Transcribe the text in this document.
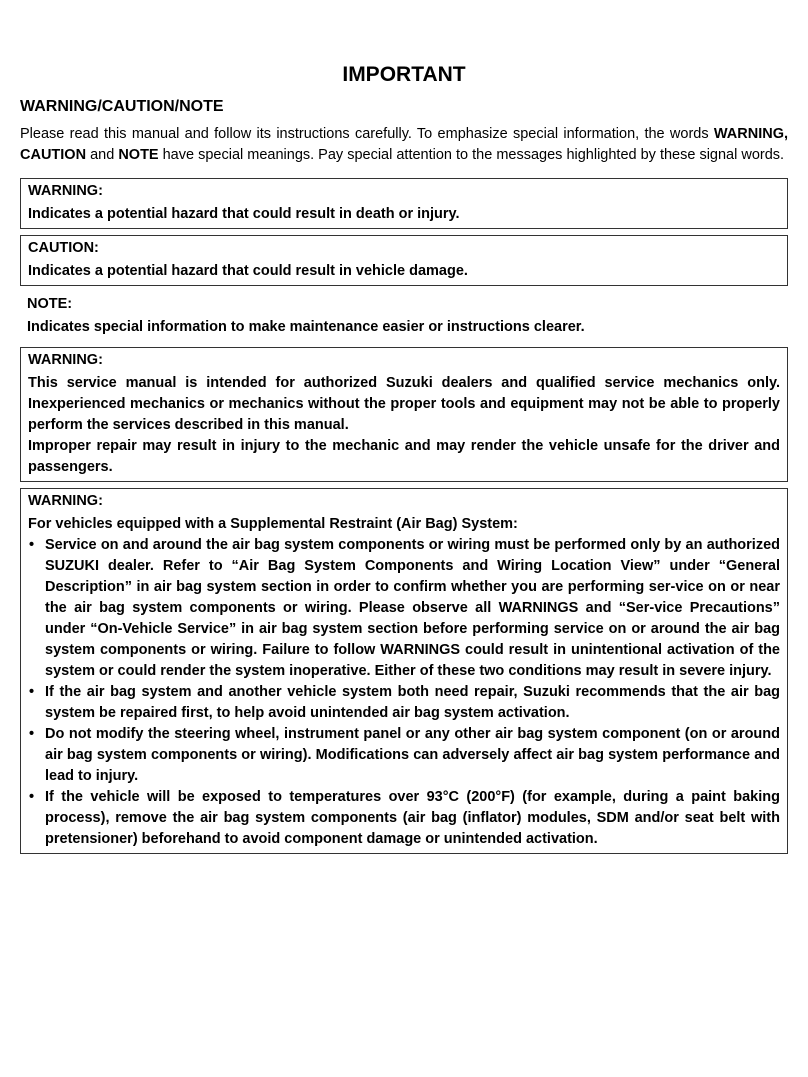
IMPORTANT
WARNING/CAUTION/NOTE

Please read this manual and follow its instructions carefully. To emphasize special information, the words WARNING, CAUTION and NOTE have special meanings. Pay special attention to the messages highlighted by these signal words.

WARNING:
Indicates a potential hazard that could result in death or injury.
CAUTION:
Indicates a potential hazard that could result in vehicle damage.
NOTE:
Indicates special information to make maintenance easier or instructions clearer.
WARNING:
This service manual is intended for authorized Suzuki dealers and qualified service mechanics only. Inexperienced mechanics or mechanics without the proper tools and equipment may not be able to properly perform the services described in this manual.
Improper repair may result in injury to the mechanic and may render the vehicle unsafe for the driver and passengers.
WARNING:
For vehicles equipped with a Supplemental Restraint (Air Bag) System:
• Service on and around the air bag system components or wiring must be performed only by an authorized SUZUKI dealer. Refer to “Air Bag System Components and Wiring Location View” under “General Description” in air bag system section in order to confirm whether you are performing ser-vice on or near the air bag system components or wiring. Please observe all WARNINGS and “Ser-vice Precautions” under “On-Vehicle Service” in air bag system section before performing service on or around the air bag system components or wiring. Failure to follow WARNINGS could result in unintentional activation of the system or could render the system inoperative. Either of these two conditions may result in severe injury.
• If the air bag system and another vehicle system both need repair, Suzuki recommends that the air bag system be repaired first, to help avoid unintended air bag system activation.
• Do not modify the steering wheel, instrument panel or any other air bag system component (on or around air bag system components or wiring). Modifications can adversely affect air bag system performance and lead to injury.
• If the vehicle will be exposed to temperatures over 93°C (200°F) (for example, during a paint baking process), remove the air bag system components (air bag (inflator) modules, SDM and/or seat belt with pretensioner) beforehand to avoid component damage or unintended activation.
